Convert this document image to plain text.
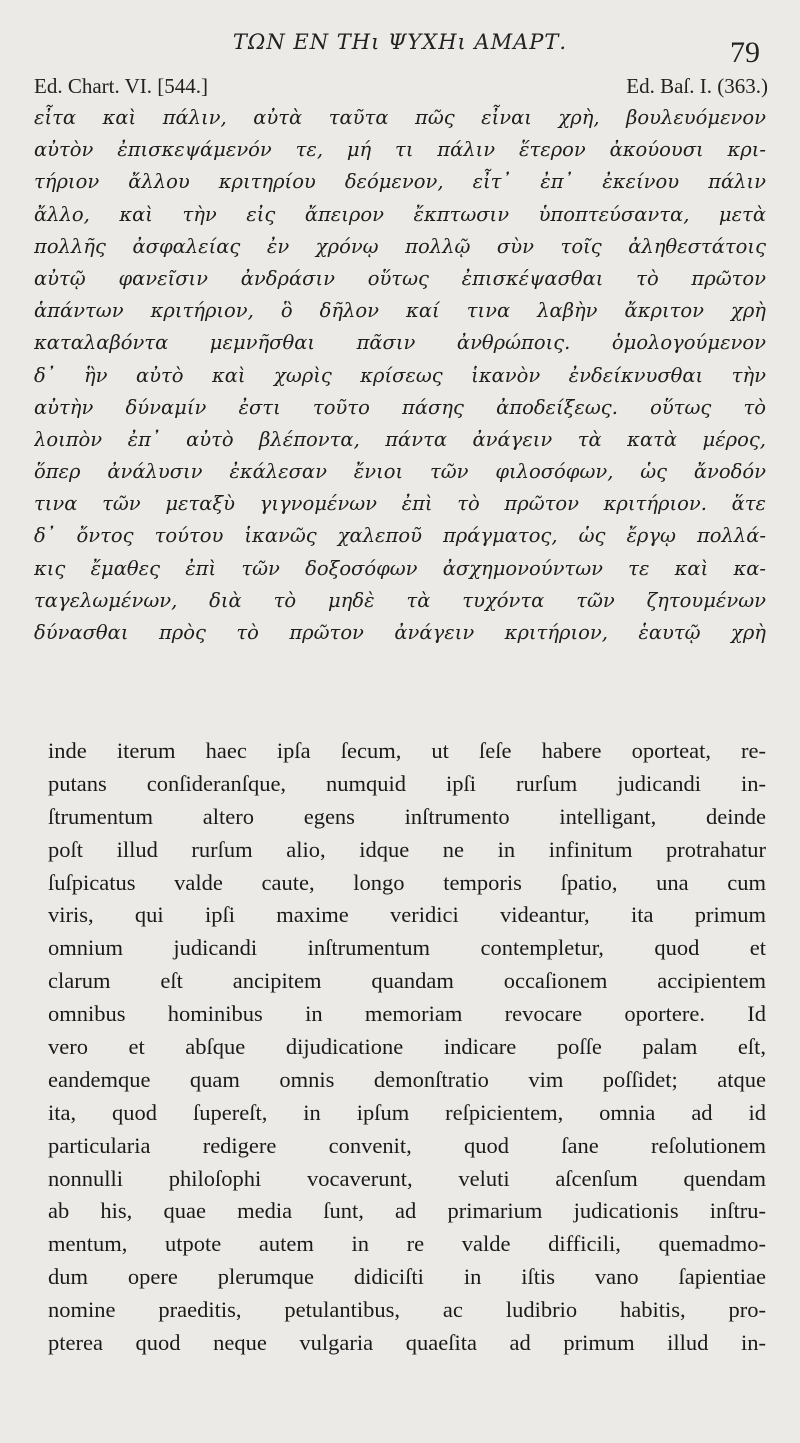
ΤΩΝ ΕΝ ΤΗι ΨΥΧΗι ΑΜΑΡΤ.	79
Ed. Chart. VI. [544.]	Ed. Baſ. I. (363.)
εἶτα καὶ πάλιν, αὐτὰ ταῦτα πῶς εἶναι χρὴ, βουλευόμενον
αὐτὸν ἐπισκεψάμενόν τε, μή τι πάλιν ἕτερον ἀκούουσι κρι-
τήριον ἄλλου κριτηρίου δεόμενον, εἶτ᾽ ἐπ᾽ ἐκείνου πάλιν
ἄλλο, καὶ τὴν εἰς ἄπειρον ἔκπτωσιν ὑποπτεύσαντα, μετὰ
πολλῆς ἀσφαλείας ἐν χρόνῳ πολλῷ σὺν τοῖς ἀληθεστάτοις
αὐτῷ φανεῖσιν ἀνδράσιν οὕτως ἐπισκέψασθαι τὸ πρῶτον
ἁπάντων κριτήριον, ὃ δῆλον καί τινα λαβὴν ἄκριτον χρὴ
καταλαβόντα μεμνῆσθαι πᾶσιν ἀνθρώποις. ὁμολογούμενον
δ᾽ ἣν αὐτὸ καὶ χωρὶς κρίσεως ἱκανὸν ἐνδείκνυσθαι τὴν
αὐτὴν δύναμίν ἐστι τοῦτο πάσης ἀποδείξεως. οὕτως τὸ
λοιπὸν ἐπ᾽ αὐτὸ βλέποντα, πάντα ἀνάγειν τὰ κατὰ μέρος,
ὅπερ ἀνάλυσιν ἐκάλεσαν ἔνιοι τῶν φιλοσόφων, ὡς ἄνοδόν
τινα τῶν μεταξὺ γιγνομένων ἐπὶ τὸ πρῶτον κριτήριον. ἅτε
δ᾽ ὄντος τούτου ἱκανῶς χαλεποῦ πράγματος, ὡς ἔργῳ πολλά-
κις ἔμαθες ἐπὶ τῶν δοξοσόφων ἀσχημονούντων τε καὶ κα-
ταγελωμένων, διὰ τὸ μηδὲ τὰ τυχόντα τῶν ζητουμένων
δύνασθαι πρὸς τὸ πρῶτον ἀνάγειν κριτήριον, ἑαυτῷ χρὴ
inde iterum haec ipſa ſecum, ut ſeſe habere oporteat, re-
putans conſideranſque, numquid ipſi rurſum judicandi in-
ſtrumentum altero egens inſtrumento intelligant, deinde
poſt illud rurſum alio, idque ne in infinitum protrahatur
ſuſpicatus valde caute, longo temporis ſpatio, una cum
viris, qui ipſi maxime veridici videantur, ita primum
omnium judicandi inſtrumentum contempletur, quod et
clarum eſt ancipitem quandam occaſionem accipientem
omnibus hominibus in memoriam revocare oportere. Id
vero et abſque dijudicatione indicare poſſe palam eſt,
eandemque quam omnis demonſtratio vim poſſidet; atque
ita, quod ſupereſt, in ipſum reſpicientem, omnia ad id
particularia redigere convenit, quod ſane reſolutionem
nonnulli philoſophi vocaverunt, veluti aſcenſum quendam
ab his, quae media ſunt, ad primarium judicationis inſtru-
mentum, utpote autem in re valde difficili, quemadmo-
dum opere plerumque didiciſti in iſtis vano ſapientiae
nomine praeditis, petulantibus, ac ludibrio habitis, pro-
pterea quod neque vulgaria quaeſita ad primum illud in-
